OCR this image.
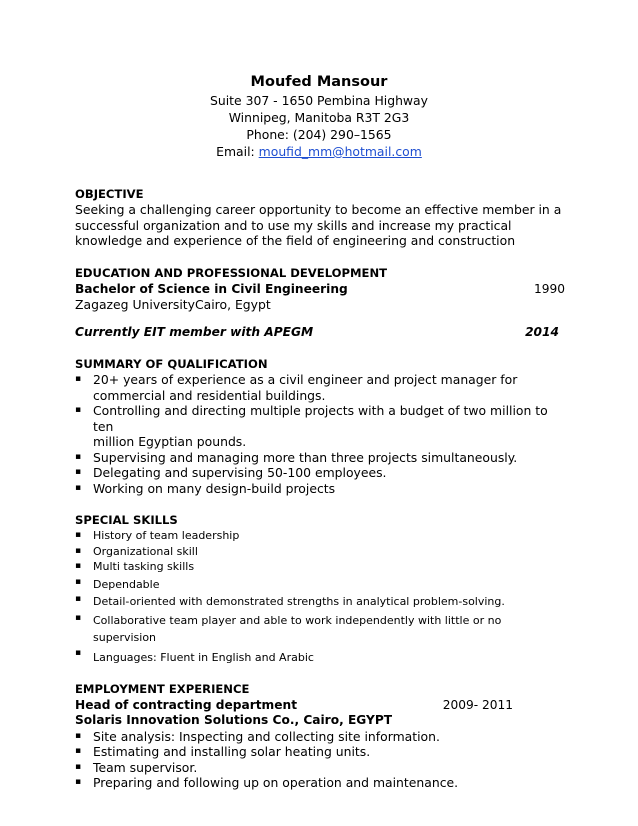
Moufed Mansour

Suite 307 - 1650 Pembina Highway

Winnipeg, Manitoba R3T 2G3

Phone: (204) 290–1565

Email: moufid_mm@hotmail.com

OBJECTIVE

Seeking a challenging career opportunity to become an effective member in a

successful organization and to use my skills and increase my practical

knowledge and experience of the field of engineering and construction

EDUCATION AND PROFESSIONAL DEVELOPMENT

Bachelor of Science in Civil Engineering	1990

Zagazeg UniversityCairo, Egypt

Currently EIT member with APEGM	2014

SUMMARY OF QUALIFICATION

▪ 20+ years of experience as a civil engineer and project manager for
commercial and residential buildings.
▪ Controlling and directing multiple projects with a budget of two million to ten
million Egyptian pounds.
▪ Supervising and managing more than three projects simultaneously.
▪ Delegating and supervising 50-100 employees.
▪ Working on many design-build projects

SPECIAL SKILLS

▪ History of team leadership
▪ Organizational skill
▪ Multi tasking skills
▪ Dependable
▪ Detail-oriented with demonstrated strengths in analytical problem-solving.
▪ Collaborative team player and able to work independently with little or no supervision
▪ Languages: Fluent in English and Arabic

EMPLOYMENT EXPERIENCE

Head of contracting department	2009- 2011

Solaris Innovation Solutions Co., Cairo, EGYPT

▪ Site analysis: Inspecting and collecting site information.
▪ Estimating and installing solar heating units.
▪ Team supervisor.
▪ Preparing and following up on operation and maintenance.
